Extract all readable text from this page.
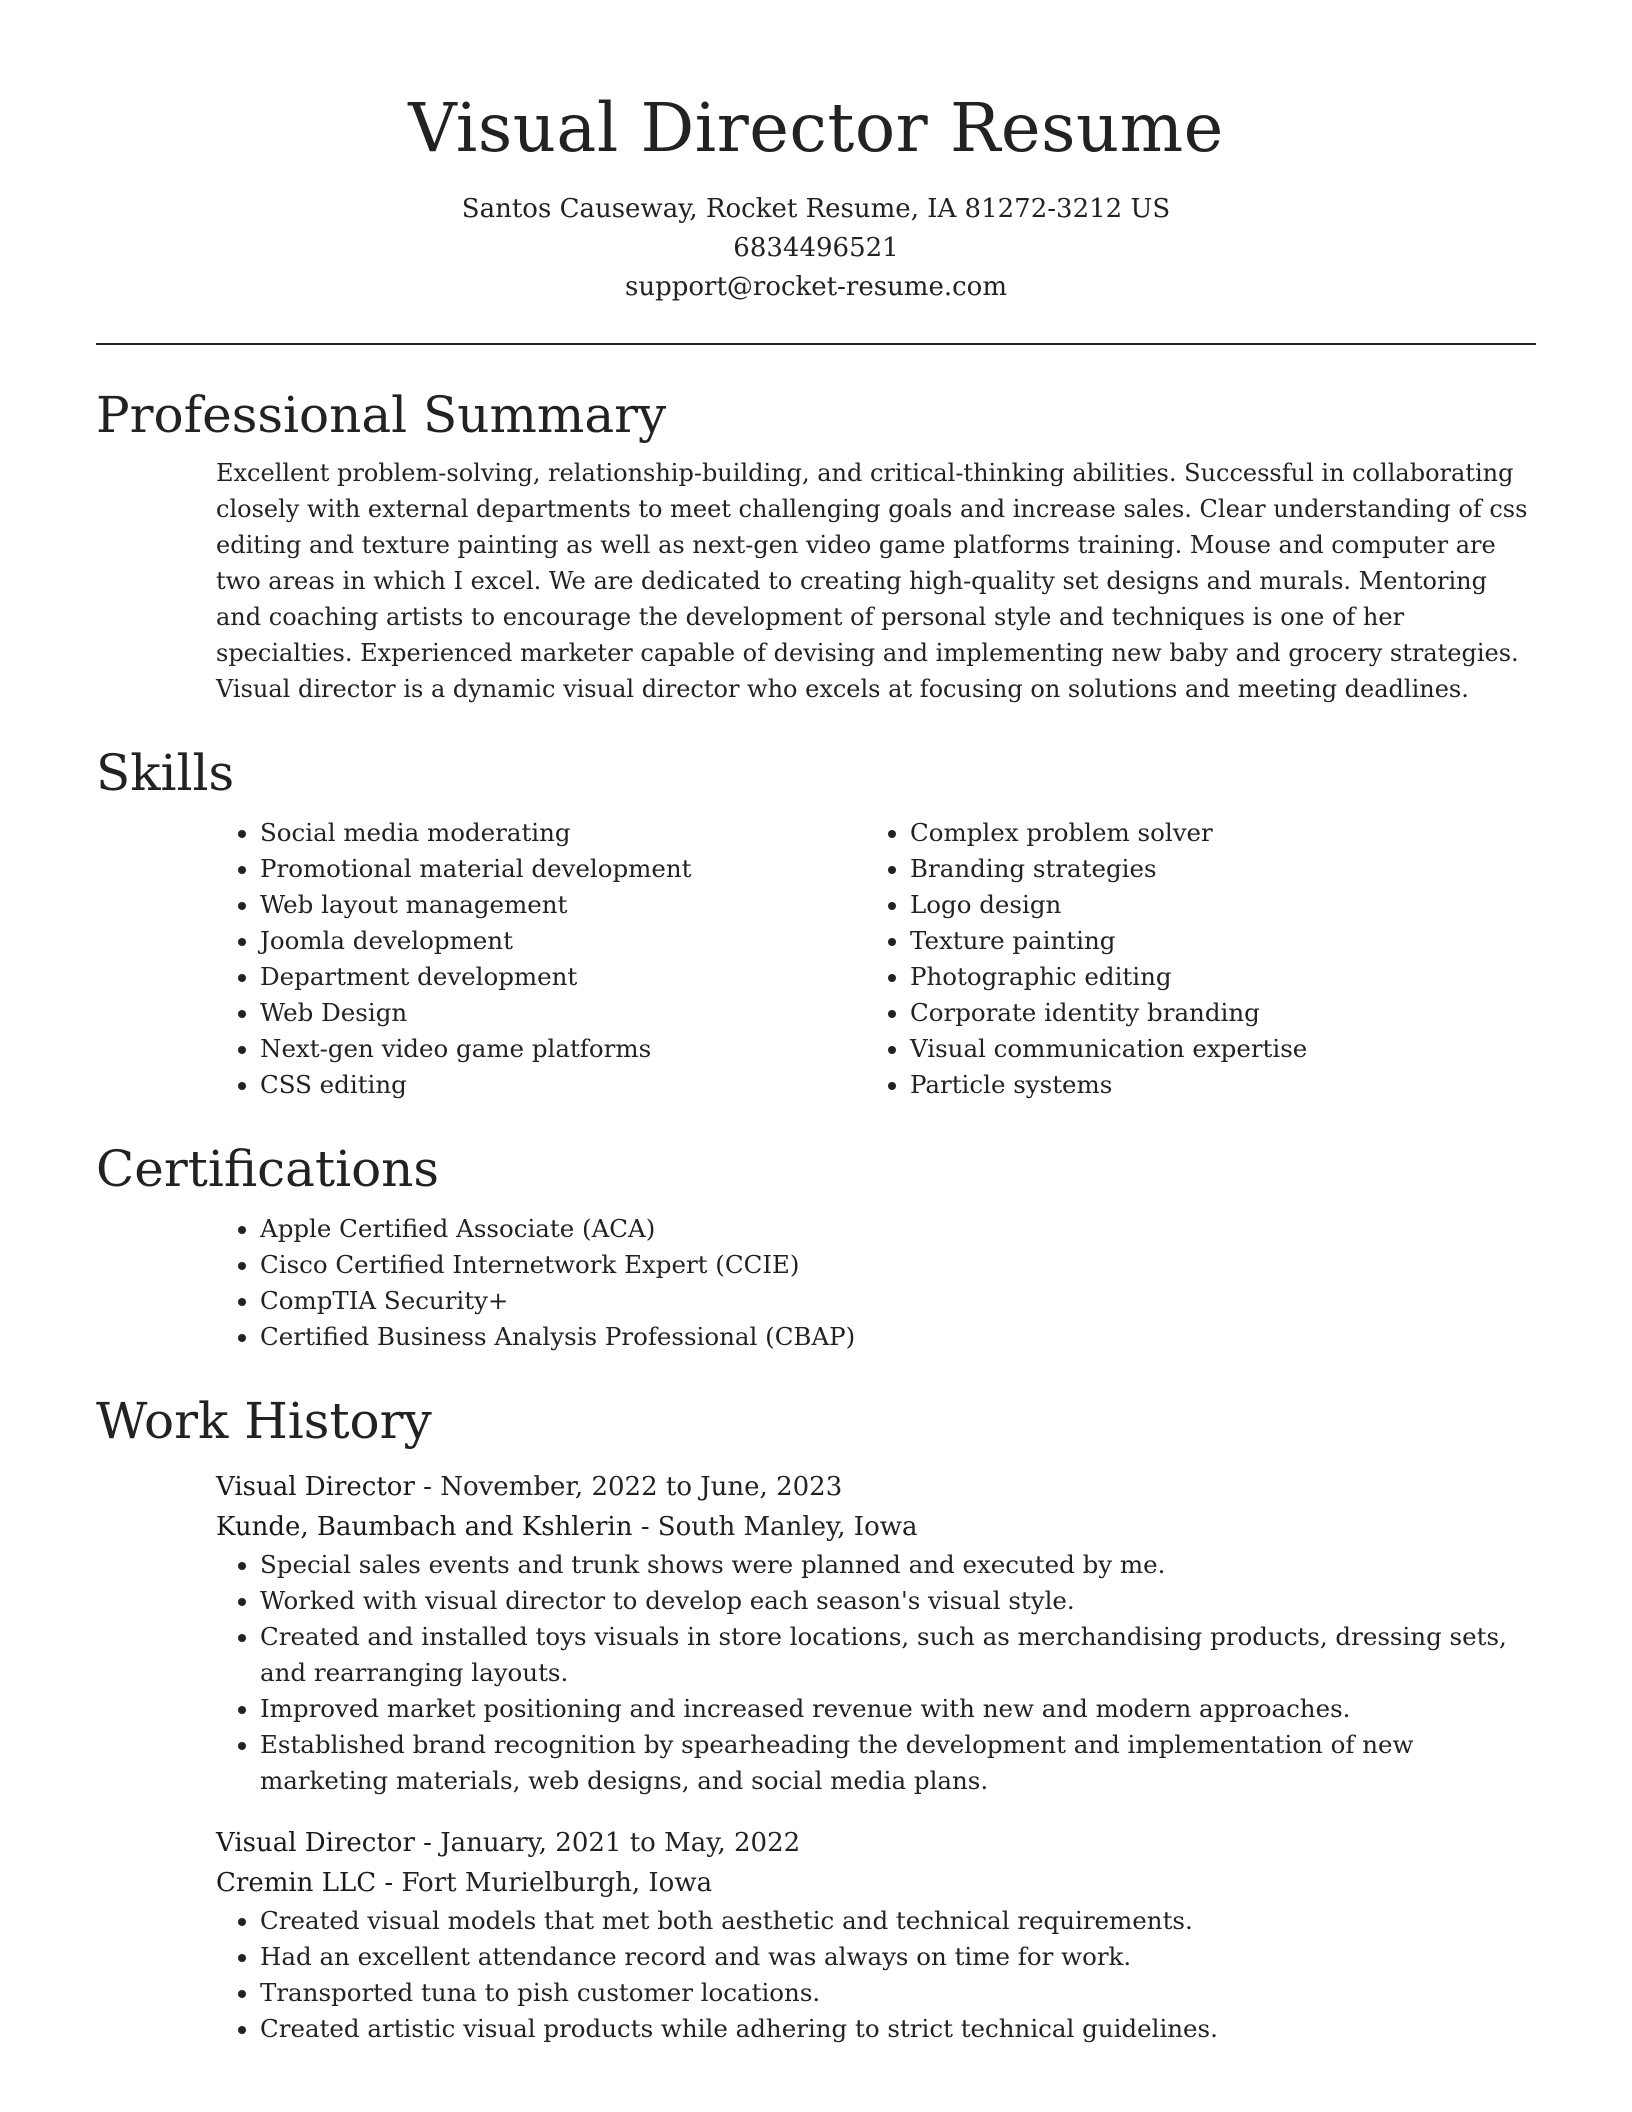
Visual Director Resume
Santos Causeway, Rocket Resume, IA 81272-3212 US
6834496521
support@rocket-resume.com
Professional Summary

Excellent problem-solving, relationship-building, and critical-thinking abilities. Successful in collaborating closely with external departments to meet challenging goals and increase sales. Clear understanding of css editing and texture painting as well as next-gen video game platforms training. Mouse and computer are two areas in which I excel. We are dedicated to creating high-quality set designs and murals. Mentoring and coaching artists to encourage the development of personal style and techniques is one of her specialties. Experienced marketer capable of devising and implementing new baby and grocery strategies. Visual director is a dynamic visual director who excels at focusing on solutions and meeting deadlines.

Skills
• Social media moderating
• Promotional material development
• Web layout management
• Joomla development
• Department development
• Web Design
• Next-gen video game platforms
• CSS editing
• Complex problem solver
• Branding strategies
• Logo design
• Texture painting
• Photographic editing
• Corporate identity branding
• Visual communication expertise
• Particle systems
Certifications
• Apple Certified Associate (ACA)
• Cisco Certified Internetwork Expert (CCIE)
• CompTIA Security+
• Certified Business Analysis Professional (CBAP)
Work History
Visual Director - November, 2022 to June, 2023
Kunde, Baumbach and Kshlerin - South Manley, Iowa
• Special sales events and trunk shows were planned and executed by me.
• Worked with visual director to develop each season's visual style.
• Created and installed toys visuals in store locations, such as merchandising products, dressing sets, and rearranging layouts.
• Improved market positioning and increased revenue with new and modern approaches.
• Established brand recognition by spearheading the development and implementation of new marketing materials, web designs, and social media plans.
Visual Director - January, 2021 to May, 2022
Cremin LLC - Fort Murielburgh, Iowa
• Created visual models that met both aesthetic and technical requirements.
• Had an excellent attendance record and was always on time for work.
• Transported tuna to pish customer locations.
• Created artistic visual products while adhering to strict technical guidelines.
